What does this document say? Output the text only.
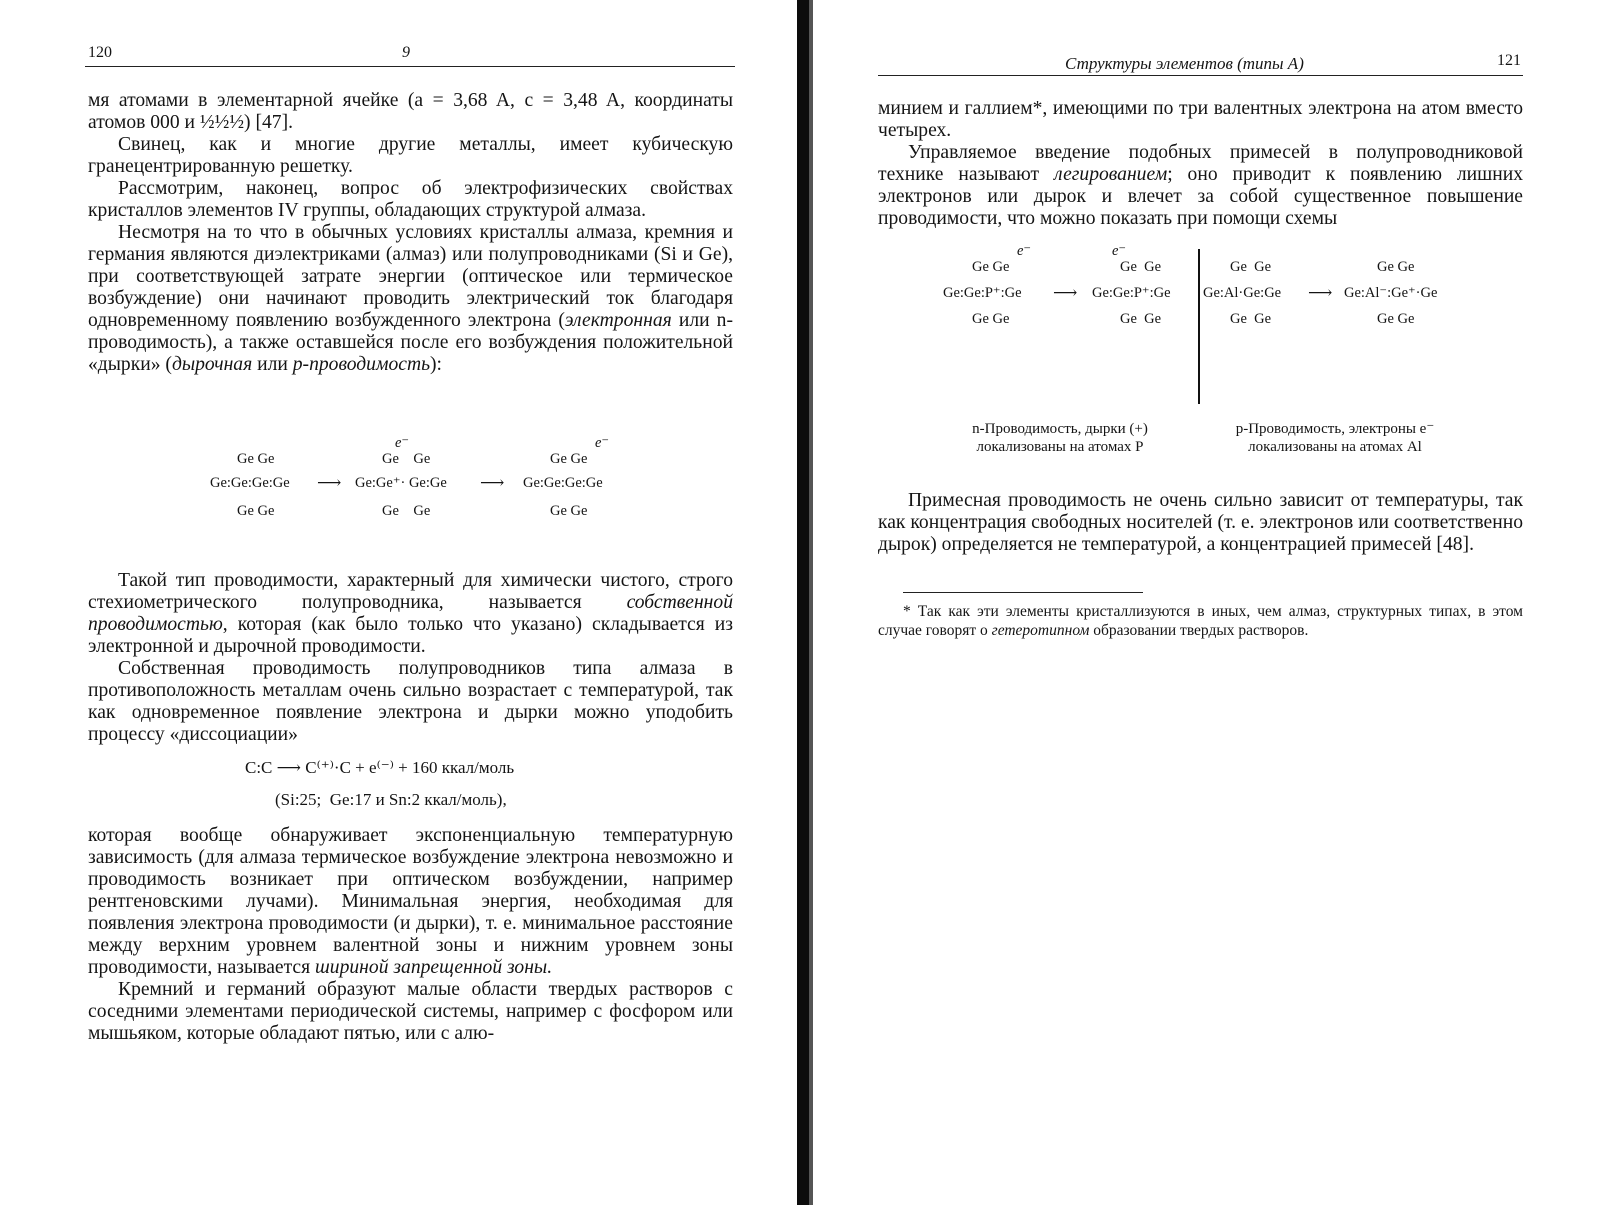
120	9

мя атомами в элементарной ячейке (a = 3,68 A, c = 3,48 A, координаты атомов 000 и ½½½) [47].

Свинец, как и многие другие металлы, имеет кубическую гранецентрированную решетку.

Рассмотрим, наконец, вопрос об электрофизических свойствах кристаллов элементов IV группы, обладающих структурой алмаза.

Несмотря на то что в обычных условиях кристаллы алмаза, кремния и германия являются диэлектриками (алмаз) или полупроводниками (Si и Ge), при соответствующей затрате энергии (оптическое или термическое возбуждение) они начинают проводить электрический ток благодаря одновременному появлению возбужденного электрона (электронная или n-проводимость), а также оставшейся после его возбуждения положительной «дырки» (дырочная или р-проводимость):

e⁻	e⁻
Ge Ge
Ge:Ge:Ge:Ge
Ge Ge
⟶
Ge    Ge
Ge:Ge⁺· Ge:Ge
Ge    Ge
⟶
Ge Ge
Ge:Ge:Ge:Ge
Ge Ge

Такой тип проводимости, характерный для химически чистого, строго стехиометрического полупроводника, называется собственной проводимостью, которая (как было только что указано) складывается из электронной и дырочной проводимости.

Собственная проводимость полупроводников типа алмаза в противоположность металлам очень сильно возрастает с температурой, так как одновременное появление электрона и дырки можно уподобить процессу «диссоциации»

C:C ⟶ C⁽⁺⁾·C + e⁽⁻⁾ + 160 ккал/моль
(Si:25;  Ge:17 и Sn:2 ккал/моль),

которая вообще обнаруживает экспоненциальную температурную зависимость (для алмаза термическое возбуждение электрона невозможно и проводимость возникает при оптическом возбуждении, например рентгеновскими лучами). Минимальная энергия, необходимая для появления электрона проводимости (и дырки), т. е. минимальное расстояние между верхним уровнем валентной зоны и нижним уровнем зоны проводимости, называется шириной запрещенной зоны.

Кремний и германий образуют малые области твердых растворов с соседними элементами периодической системы, например с фосфором или мышьяком, которые обладают пятью, или с алю-

Структуры элементов (типы А)	121

минием и галлием*, имеющими по три валентных электрона на атом вместо четырех.

Управляемое введение подобных примесей в полупроводниковой технике называют легированием; оно приводит к появлению лишних электронов или дырок и влечет за собой существенное повышение проводимости, что можно показать при помощи схемы

e⁻	e⁻
Ge Ge
Ge:Ge:P⁺:Ge
Ge Ge
⟶
Ge  Ge
Ge:Ge:P⁺:Ge
Ge  Ge
Ge  Ge
Ge:Al·Ge:Ge
Ge  Ge
⟶
Ge Ge
Ge:Al⁻:Ge⁺·Ge
Ge Ge
n-Проводимость, дырки (+)
локализованы на атомах P
p-Проводимость, электроны e⁻
локализованы на атомах Al

Примесная проводимость не очень сильно зависит от температуры, так как концентрация свободных носителей (т. е. электронов или соответственно дырок) определяется не температурой, а концентрацией примесей [48].

* Так как эти элементы кристаллизуются в иных, чем алмаз, структурных типах, в этом случае говорят о гетеротипном образовании твердых растворов.
